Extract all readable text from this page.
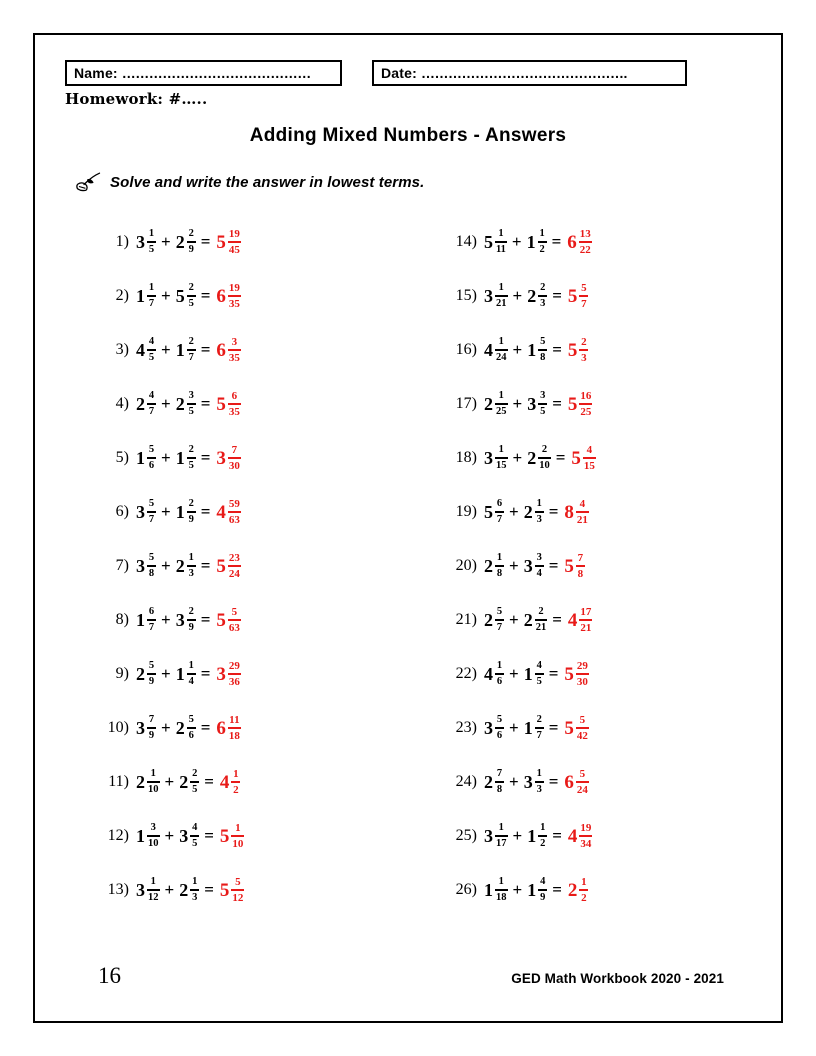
Name: ……………………………………	Date: ……………………………………….
Homework: #…..
Adding Mixed Numbers - Answers
Solve and write the answer in lowest terms.
1) $3 \frac{1}{5} + 2 \frac{2}{9} = 5 \frac{19}{45}$
2) $1 \frac{1}{7} + 5 \frac{2}{5} = 6 \frac{19}{35}$
3) $4 \frac{4}{5} + 1 \frac{2}{7} = 6 \frac{3}{35}$
4) $2 \frac{4}{7} + 2 \frac{3}{5} = 5 \frac{6}{35}$
5) $1 \frac{5}{6} + 1 \frac{2}{5} = 3 \frac{7}{30}$
6) $3 \frac{5}{7} + 1 \frac{2}{9} = 4 \frac{59}{63}$
7) $3 \frac{5}{8} + 2 \frac{1}{3} = 5 \frac{23}{24}$
8) $1 \frac{6}{7} + 3 \frac{2}{9} = 5 \frac{5}{63}$
9) $2 \frac{5}{9} + 1 \frac{1}{4} = 3 \frac{29}{36}$
10) $3 \frac{7}{9} + 2 \frac{5}{6} = 6 \frac{11}{18}$
11) $2 \frac{1}{10} + 2 \frac{2}{5} = 4 \frac{1}{2}$
12) $1 \frac{3}{10} + 3 \frac{4}{5} = 5 \frac{1}{10}$
13) $3 \frac{1}{12} + 2 \frac{1}{3} = 5 \frac{5}{12}$
14) $5 \frac{1}{11} + 1 \frac{1}{2} = 6 \frac{13}{22}$
15) $3 \frac{1}{21} + 2 \frac{2}{3} = 5 \frac{5}{7}$
16) $4 \frac{1}{24} + 1 \frac{5}{8} = 5 \frac{2}{3}$
17) $2 \frac{1}{25} + 3 \frac{3}{5} = 5 \frac{16}{25}$
18) $3 \frac{1}{15} + 2 \frac{2}{10} = 5 \frac{4}{15}$
19) $5 \frac{6}{7} + 2 \frac{1}{3} = 8 \frac{4}{21}$
20) $2 \frac{1}{8} + 3 \frac{3}{4} = 5 \frac{7}{8}$
21) $2 \frac{5}{7} + 2 \frac{2}{21} = 4 \frac{17}{21}$
22) $4 \frac{1}{6} + 1 \frac{4}{5} = 5 \frac{29}{30}$
23) $3 \frac{5}{6} + 1 \frac{2}{7} = 5 \frac{5}{42}$
24) $2 \frac{7}{8} + 3 \frac{1}{3} = 6 \frac{5}{24}$
25) $3 \frac{1}{17} + 1 \frac{1}{2} = 4 \frac{19}{34}$
26) $1 \frac{1}{18} + 1 \frac{4}{9} = 2 \frac{1}{2}$
16	GED Math Workbook 2020 - 2021
